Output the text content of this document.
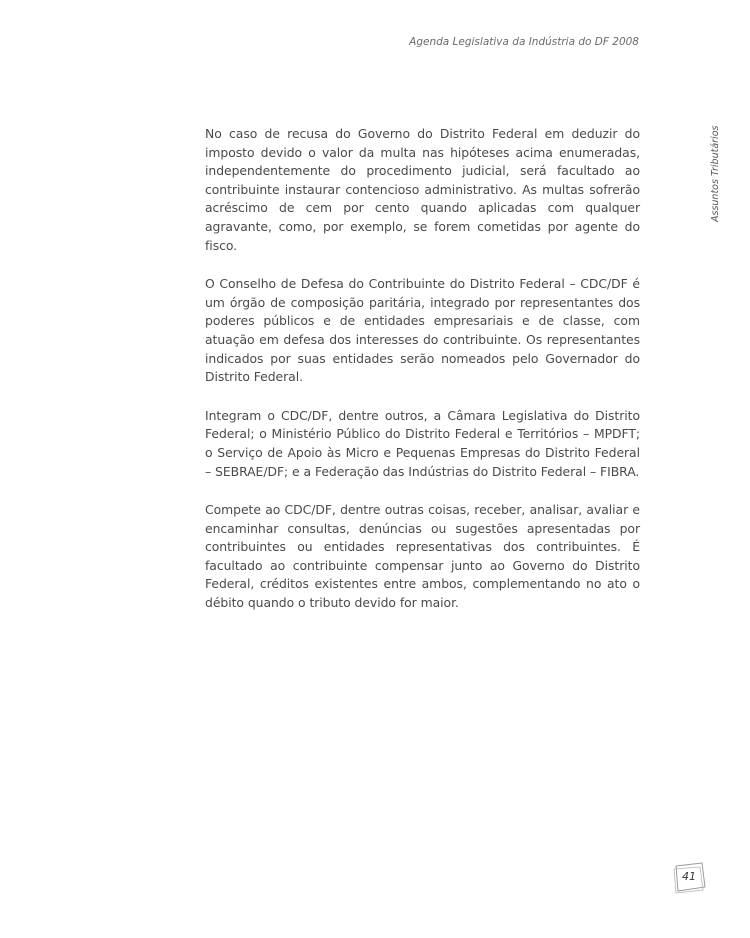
Agenda Legislativa da Indústria do DF 2008
Assuntos Tributários

No caso de recusa do Governo do Distrito Federal em deduzir do imposto devido o valor da multa nas hipóteses acima enumeradas, independentemente do procedimento judicial, será facultado ao contribuinte instaurar contencioso administrativo. As multas sofrerão acréscimo de cem por cento quando aplicadas com qualquer agravante, como, por exemplo, se forem cometidas por agente do fisco.

O Conselho de Defesa do Contribuinte do Distrito Federal – CDC/DF é um órgão de composição paritária, integrado por representantes dos poderes públicos e de entidades empresariais e de classe, com atuação em defesa dos interesses do contribuinte. Os representantes indicados por suas entidades serão nomeados pelo Governador do Distrito Federal.

Integram o CDC/DF, dentre outros, a Câmara Legislativa do Distrito Federal; o Ministério Público do Distrito Federal e Territórios – MPDFT; o Serviço de Apoio às Micro e Pequenas Empresas do Distrito Federal – SEBRAE/DF; e a Federação das Indústrias do Distrito Federal – FIBRA.

Compete ao CDC/DF, dentre outras coisas, receber, analisar, avaliar e encaminhar consultas, denúncias ou sugestões apresentadas por contribuintes ou entidades representativas dos contribuintes. É facultado ao contribuinte compensar junto ao Governo do Distrito Federal, créditos existentes entre ambos, complementando no ato o débito quando o tributo devido for maior.

41
